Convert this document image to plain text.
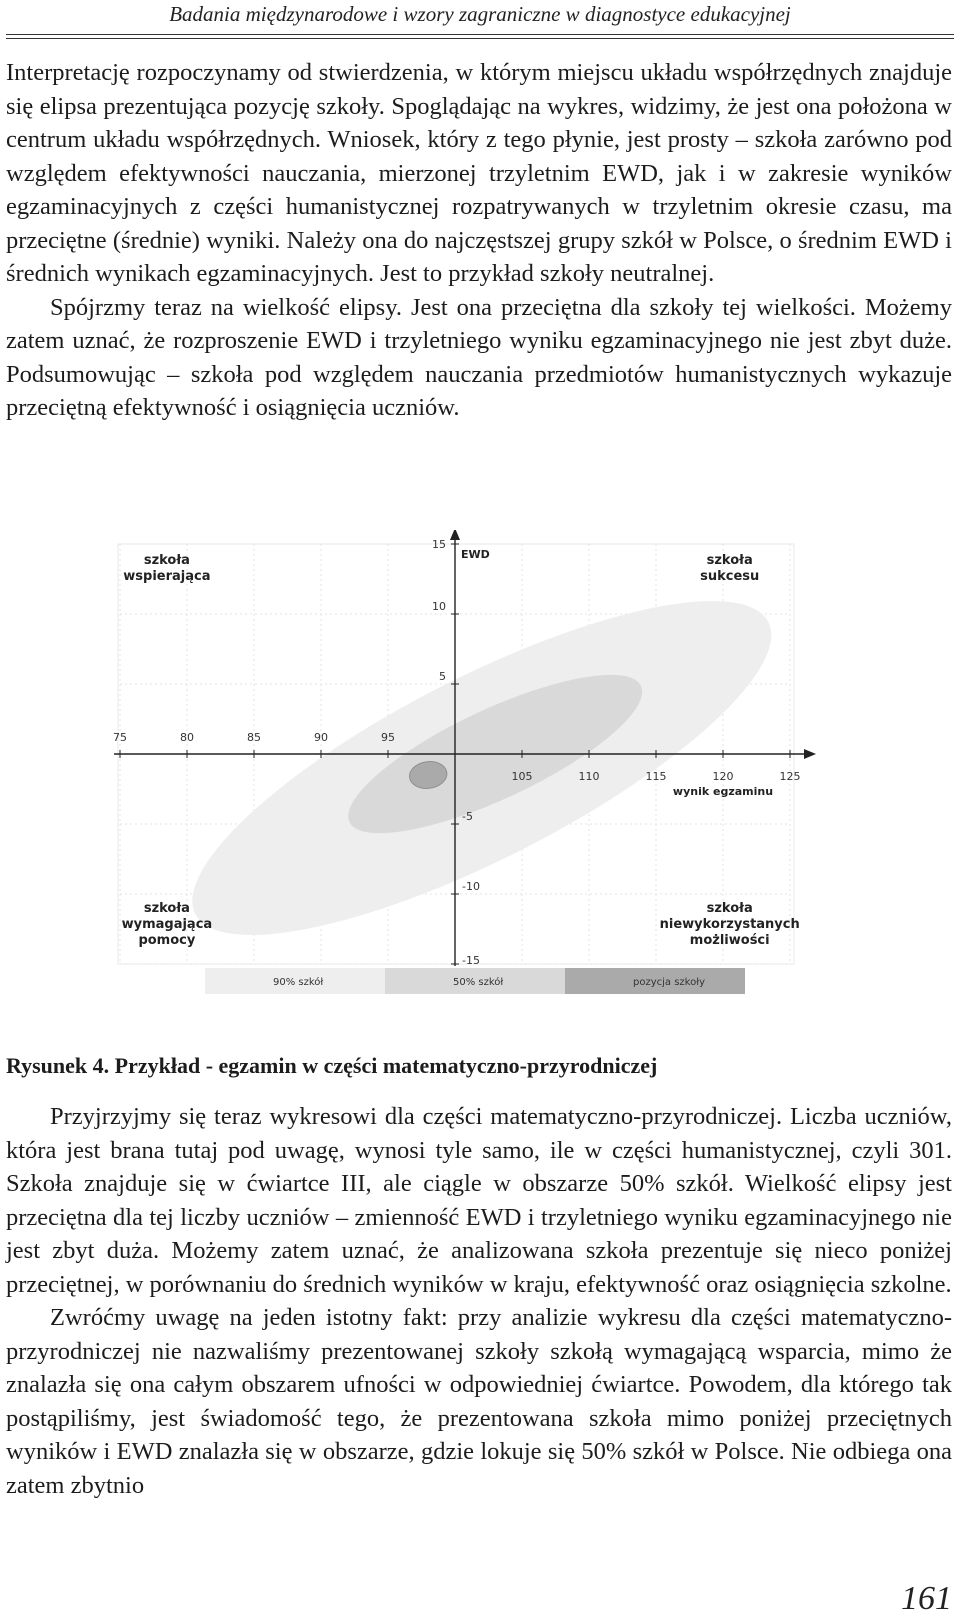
Badania międzynarodowe i wzory zagraniczne w diagnostyce edukacyjnej

Interpretację rozpoczynamy od stwierdzenia, w którym miejscu układu współrzędnych znajduje się elipsa prezentująca pozycję szkoły. Spoglądając na wykres, widzimy, że jest ona położona w centrum układu współrzędnych. Wniosek, który z tego płynie, jest prosty – szkoła zarówno pod względem efektywności nauczania, mierzonej trzyletnim EWD, jak i w zakresie wyników egzaminacyjnych z części humanistycznej rozpatrywanych w trzyletnim okresie czasu, ma przeciętne (średnie) wyniki. Należy ona do najczęstszej grupy szkół w Polsce, o średnim EWD i średnich wynikach egzaminacyjnych. Jest to przykład szkoły neutralnej.

Spójrzmy teraz na wielkość elipsy. Jest ona przeciętna dla szkoły tej wielkości. Możemy zatem uznać, że rozproszenie EWD i trzyletniego wyniku egzaminacyjnego nie jest zbyt duże. Podsumowując – szkoła pod względem nauczania przedmiotów humanistycznych wykazuje przeciętną efektywność i osiągnięcia uczniów.

75	80	85	90	95
105	110	115	120	125
15
10
5
-5
-10
-15
EWD
wynik egzaminu
szkoła
wspierająca
szkoła
sukcesu
szkoła
wymagająca
pomocy
szkoła
niewykorzystanych
możliwości
90% szkół	50% szkół	pozycja szkoły
Rysunek 4. Przykład - egzamin w części matematyczno-przyrodniczej

Przyjrzyjmy się teraz wykresowi dla części matematyczno-przyrodniczej. Liczba uczniów, która jest brana tutaj pod uwagę, wynosi tyle samo, ile w części humanistycznej, czyli 301. Szkoła znajduje się w ćwiartce III, ale ciągle w obszarze 50% szkół. Wielkość elipsy jest przeciętna dla tej liczby uczniów – zmienność EWD i trzyletniego wyniku egzaminacyjnego nie jest zbyt duża. Możemy zatem uznać, że analizowana szkoła prezentuje się nieco poniżej przeciętnej, w porównaniu do średnich wyników w kraju, efektywność oraz osiągnięcia szkolne.

Zwróćmy uwagę na jeden istotny fakt: przy analizie wykresu dla części matematyczno-przyrodniczej nie nazwaliśmy prezentowanej szkoły szkołą wymagającą wsparcia, mimo że znalazła się ona całym obszarem ufności w odpowiedniej ćwiartce. Powodem, dla którego tak postąpiliśmy, jest świadomość tego, że prezentowana szkoła mimo poniżej przeciętnych wyników i EWD znalazła się w obszarze, gdzie lokuje się 50% szkół w Polsce. Nie odbiega ona zatem zbytnio

161
